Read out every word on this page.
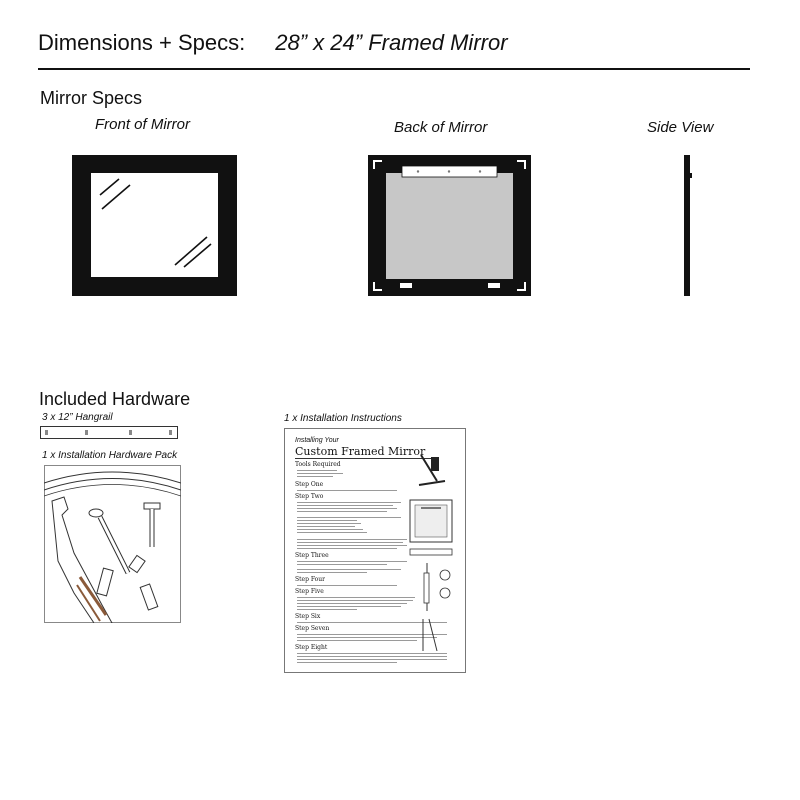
Dimensions + Specs: 28” x 24” Framed Mirror
Mirror Specs
Front of Mirror	Back of Mirror	Side View
Included Hardware
3 x 12” Hangrail
1 x Installation Hardware Pack
1 x Installation Instructions
Installing Your
Custom Framed Mirror
Tools Required
Step One
Step Two
Step Three
Step Four
Step Five
Step Six
Step Seven
Step Eight
